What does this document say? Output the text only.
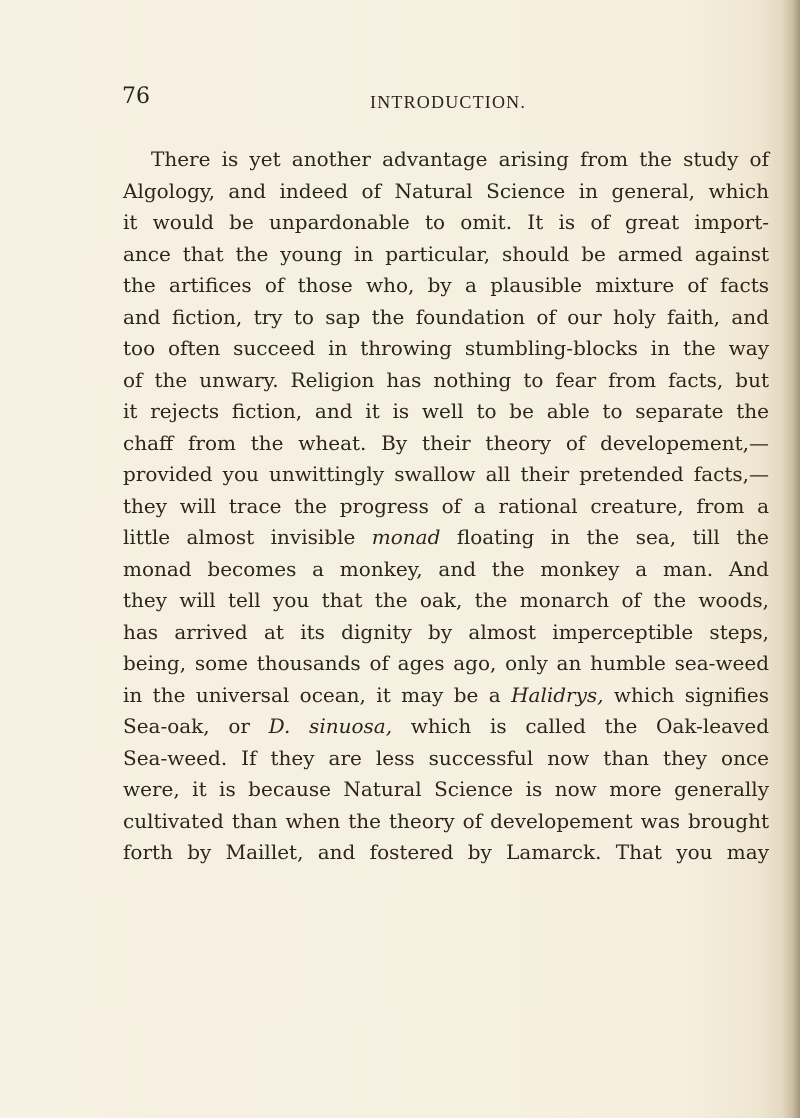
76	INTRODUCTION.
There is yet another advantage arising from the study of
Algology, and indeed of Natural Science in general, which
it would be unpardonable to omit. It is of great import-
ance that the young in particular, should be armed against
the artifices of those who, by a plausible mixture of facts
and fiction, try to sap the foundation of our holy faith, and
too often succeed in throwing stumbling-blocks in the way
of the unwary. Religion has nothing to fear from facts, but
it rejects fiction, and it is well to be able to separate the
chaff from the wheat. By their theory of developement,—
provided you unwittingly swallow all their pretended facts,—
they will trace the progress of a rational creature, from a
little almost invisible monad floating in the sea, till the
monad becomes a monkey, and the monkey a man. And
they will tell you that the oak, the monarch of the woods,
has arrived at its dignity by almost imperceptible steps,
being, some thousands of ages ago, only an humble sea-weed
in the universal ocean, it may be a Halidrys, which signifies
Sea-oak, or D. sinuosa, which is called the Oak-leaved
Sea-weed. If they are less successful now than they once
were, it is because Natural Science is now more generally
cultivated than when the theory of developement was brought
forth by Maillet, and fostered by Lamarck. That you may
